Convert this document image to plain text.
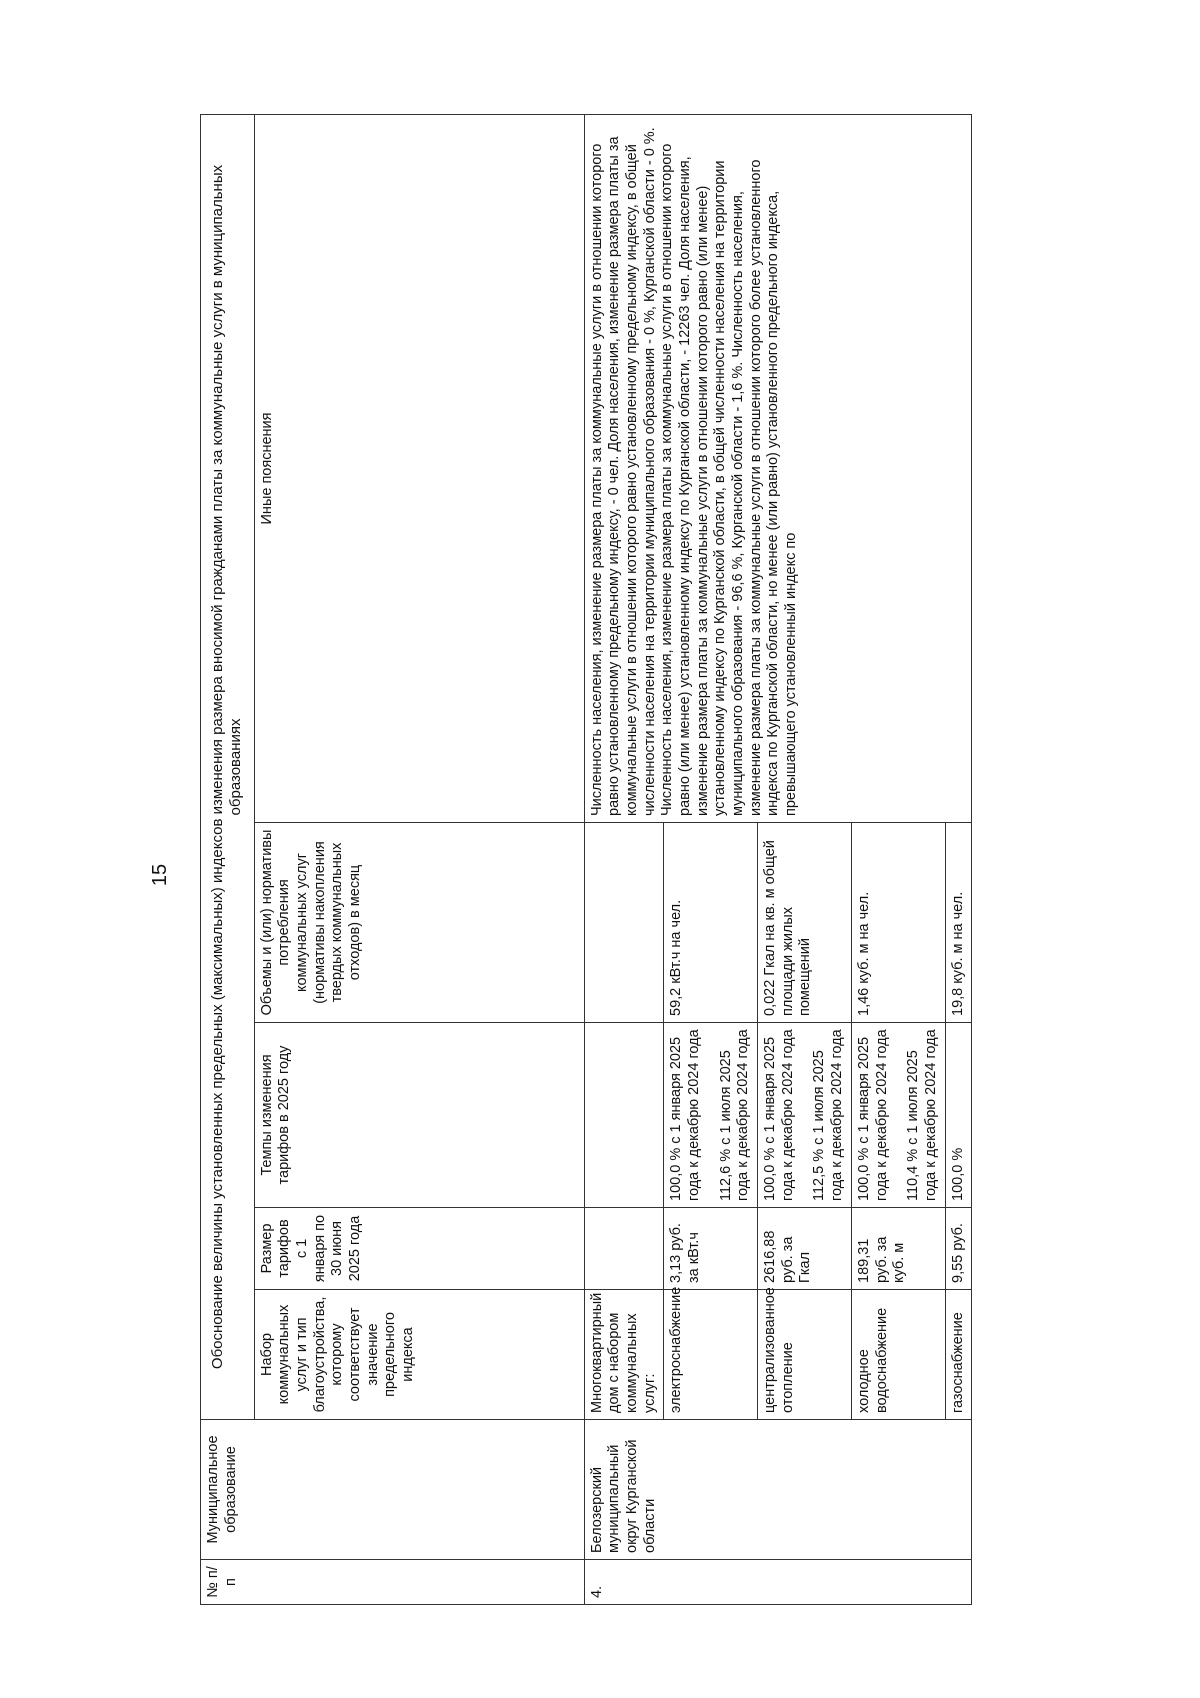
15
№ п/п	Муниципальное образование	Обоснование величины установленных предельных (максимальных) индексов изменения размера вносимой гражданами платы за коммунальные услуги в муниципальных образованиях				
		Набор коммунальных услуг и тип благоустройства, которому соответствует значение предельного индекса	Размер тарифов с 1 января по 30 июня 2025 года	Темпы изменения тарифов в 2025 году	Объемы и (или) нормативы потребления коммунальных услуг (нормативы накопления твердых коммунальных отходов) в месяц	Иные пояснения
4.	Белозерский муниципальный округ Курганской области	Многоквартирный дом с набором коммунальных услуг:				Численность населения, изменение размера платы за коммунальные услуги в отношении которого равно установленному предельному индексу, - 0 чел. Доля населения, изменение размера платы за коммунальные услуги в отношении которого равно установленному предельному индексу, в общей численности населения на территории муниципального образования - 0 %, Курганской области - 0 %. Численность населения, изменение размера платы за коммунальные услуги в отношении которого равно (или менее) установленному индексу по Курганской области, - 12263 чел. Доля населения, изменение размера платы за коммунальные услуги в отношении которого равно (или менее) установленному индексу по Курганской области, в общей численности населения на территории муниципального образования - 96,6 %, Курганской области - 1,6 %. Численность населения, изменение размера платы за коммунальные услуги в отношении которого более установленного индекса по Курганской области, но менее (или равно) установленного предельного индекса, превышающего установленный индекс по
		электроснабжение	3,13 руб. за кВт.ч	100,0 % с 1 января 2025 года к декабрю 2024 года 112,6 % с 1 июля 2025 года к декабрю 2024 года	59,2 кВт.ч на чел.	
		централизованное отопление	2616,88 руб. за Гкал	100,0 % с 1 января 2025 года к декабрю 2024 года 112,5 % с 1 июля 2025 года к декабрю 2024 года	0,022 Гкал на кв. м общей площади жилых помещений	
		холодное водоснабжение	189,31 руб. за куб. м	100,0 % с 1 января 2025 года к декабрю 2024 года 110,4 % с 1 июля 2025 года к декабрю 2024 года	1,46 куб. м на чел.	
		газоснабжение	9,55 руб.	100,0 %	19,8 куб. м на чел.	
